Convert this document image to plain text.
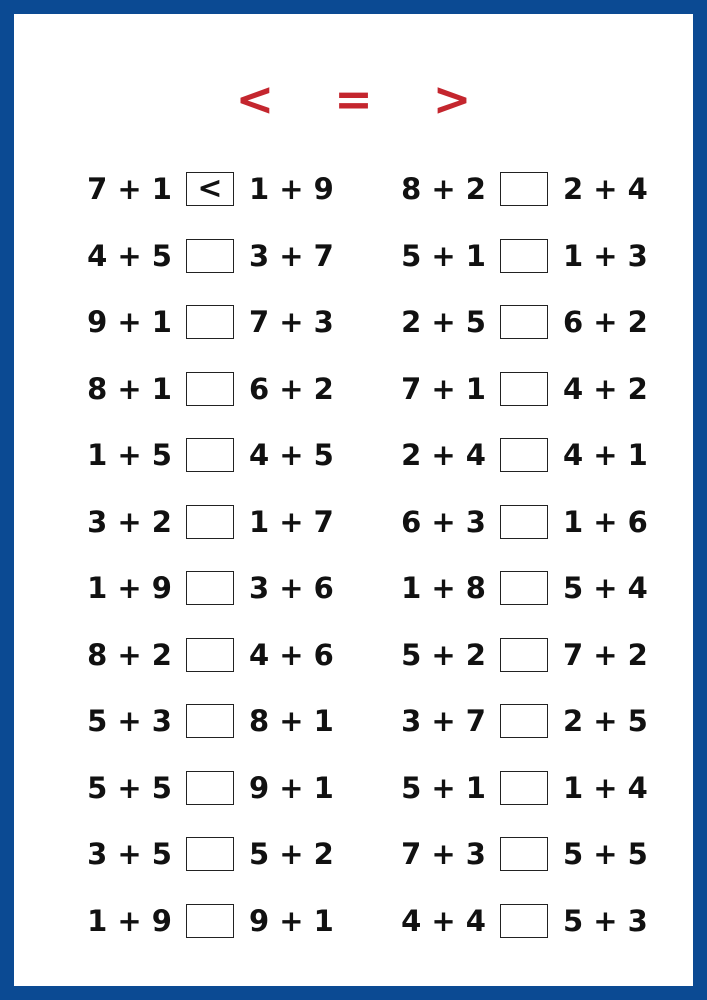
< = >
7 + 1 < 1 + 9
4 + 5	3 + 7
9 + 1	7 + 3
8 + 1	6 + 2
1 + 5	4 + 5
3 + 2	1 + 7
1 + 9	3 + 6
8 + 2	4 + 6
5 + 3	8 + 1
5 + 5	9 + 1
3 + 5	5 + 2
1 + 9	9 + 1
8 + 2	2 + 4
5 + 1	1 + 3
2 + 5	6 + 2
7 + 1	4 + 2
2 + 4	4 + 1
6 + 3	1 + 6
1 + 8	5 + 4
5 + 2	7 + 2
3 + 7	2 + 5
5 + 1	1 + 4
7 + 3	5 + 5
4 + 4	5 + 3
#187456483
